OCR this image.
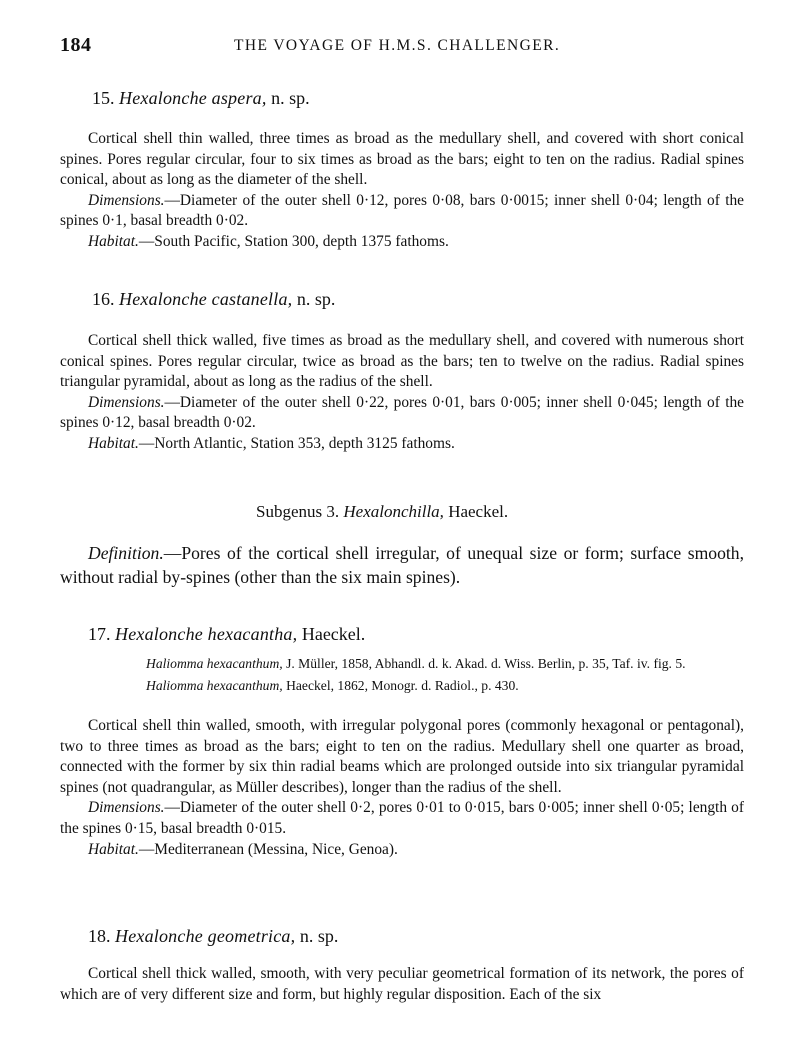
184	THE VOYAGE OF H.M.S. CHALLENGER.
15. Hexalonche aspera, n. sp.

Cortical shell thin walled, three times as broad as the medullary shell, and covered with short conical spines. Pores regular circular, four to six times as broad as the bars; eight to ten on the radius. Radial spines conical, about as long as the diameter of the shell.

Dimensions.—Diameter of the outer shell 0·12, pores 0·08, bars 0·0015; inner shell 0·04; length of the spines 0·1, basal breadth 0·02.

Habitat.—South Pacific, Station 300, depth 1375 fathoms.

16. Hexalonche castanella, n. sp.

Cortical shell thick walled, five times as broad as the medullary shell, and covered with numerous short conical spines. Pores regular circular, twice as broad as the bars; ten to twelve on the radius. Radial spines triangular pyramidal, about as long as the radius of the shell.

Dimensions.—Diameter of the outer shell 0·22, pores 0·01, bars 0·005; inner shell 0·045; length of the spines 0·12, basal breadth 0·02.

Habitat.—North Atlantic, Station 353, depth 3125 fathoms.

Subgenus 3. Hexalonchilla, Haeckel.

Definition.—Pores of the cortical shell irregular, of unequal size or form; surface smooth, without radial by-spines (other than the six main spines).

17. Hexalonche hexacantha, Haeckel.

Haliomma hexacanthum, J. Müller, 1858, Abhandl. d. k. Akad. d. Wiss. Berlin, p. 35, Taf. iv. fig. 5.

Haliomma hexacanthum, Haeckel, 1862, Monogr. d. Radiol., p. 430.

Cortical shell thin walled, smooth, with irregular polygonal pores (commonly hexagonal or pentagonal), two to three times as broad as the bars; eight to ten on the radius. Medullary shell one quarter as broad, connected with the former by six thin radial beams which are prolonged outside into six triangular pyramidal spines (not quadrangular, as Müller describes), longer than the radius of the shell.

Dimensions.—Diameter of the outer shell 0·2, pores 0·01 to 0·015, bars 0·005; inner shell 0·05; length of the spines 0·15, basal breadth 0·015.

Habitat.—Mediterranean (Messina, Nice, Genoa).

18. Hexalonche geometrica, n. sp.

Cortical shell thick walled, smooth, with very peculiar geometrical formation of its network, the pores of which are of very different size and form, but highly regular disposition. Each of the six
